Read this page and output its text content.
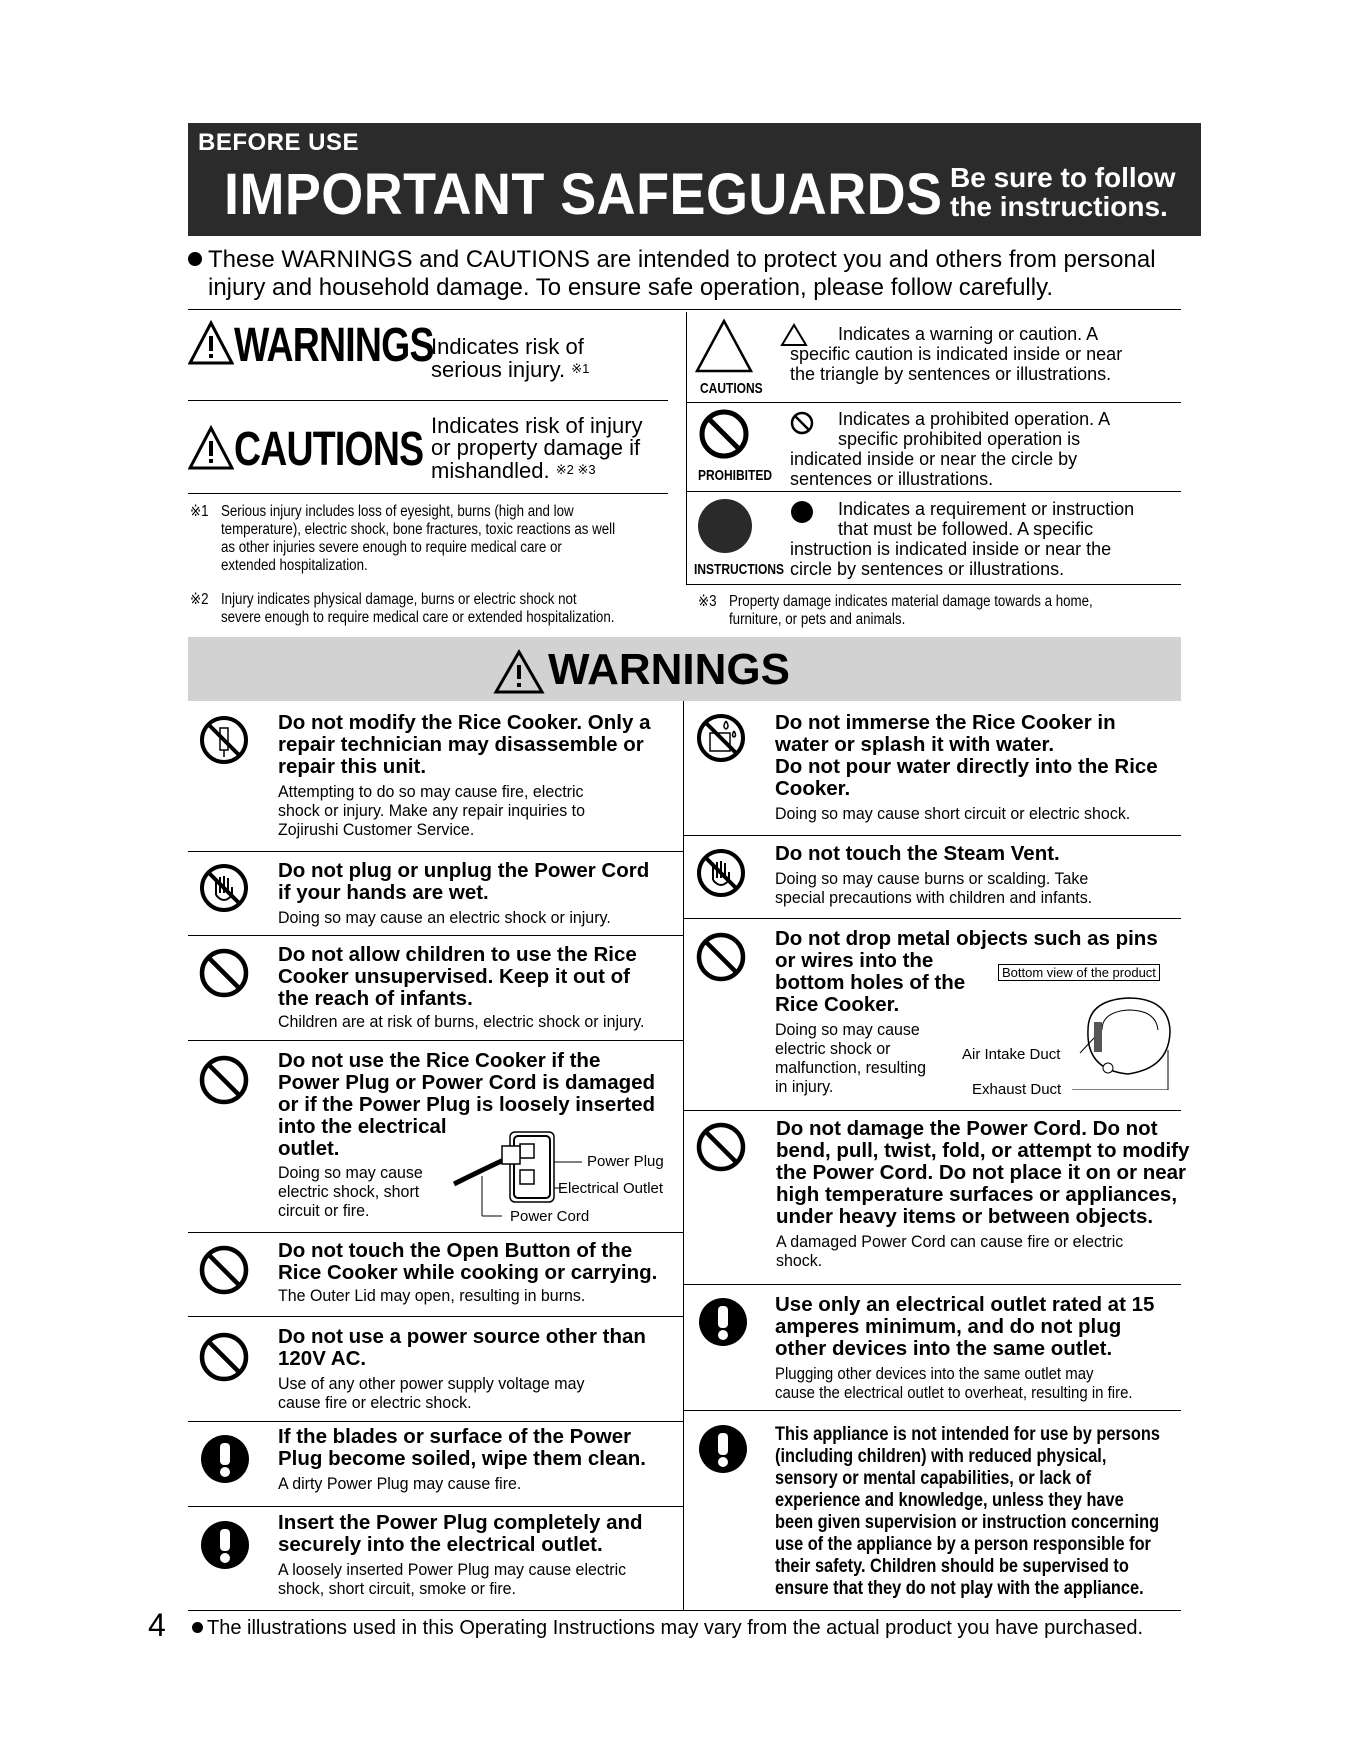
BEFORE USE
IMPORTANT SAFEGUARDS Be sure to follow
the instructions.
These WARNINGS and CAUTIONS are intended to protect you and others from personal
injury and household damage. To ensure safe operation, please follow carefully.
WARNINGS
Indicates risk of
serious injury. ※1
CAUTIONS Indicates risk of injury
or property damage if
mishandled. ※2 ※3
※1 Serious injury includes loss of eyesight, burns (high and low
temperature), electric shock, bone fractures, toxic reactions as well
as other injuries severe enough to require medical care or
extended hospitalization.
※2 Injury indicates physical damage, burns or electric shock not
severe enough to require medical care or extended hospitalization.
CAUTIONS
Indicates a warning or caution. A
specific caution is indicated inside or near
the triangle by sentences or illustrations.
PROHIBITED
Indicates a prohibited operation. A
specific prohibited operation is
indicated inside or near the circle by
sentences or illustrations.
INSTRUCTIONS
Indicates a requirement or instruction
that must be followed. A specific
instruction is indicated inside or near the
circle by sentences or illustrations.
※3 Property damage indicates material damage towards a home,
furniture, or pets and animals.
WARNINGS
Do not modify the Rice Cooker. Only a
repair technician may disassemble or
repair this unit.
Attempting to do so may cause fire, electric
shock or injury. Make any repair inquiries to
Zojirushi Customer Service.
Do not plug or unplug the Power Cord
if your hands are wet.
Doing so may cause an electric shock or injury.
Do not allow children to use the Rice
Cooker unsupervised. Keep it out of
the reach of infants.
Children are at risk of burns, electric shock or injury.
Do not use the Rice Cooker if the
Power Plug or Power Cord is damaged
or if the Power Plug is loosely inserted
into the electrical
outlet.
Doing so may cause
electric shock, short
circuit or fire.
Power Plug
Electrical Outlet
Power Cord
Do not touch the Open Button of the
Rice Cooker while cooking or carrying.
The Outer Lid may open, resulting in burns.
Do not use a power source other than
120V AC.
Use of any other power supply voltage may
cause fire or electric shock.
If the blades or surface of the Power
Plug become soiled, wipe them clean.
A dirty Power Plug may cause fire.
Insert the Power Plug completely and
securely into the electrical outlet.
A loosely inserted Power Plug may cause electric
shock, short circuit, smoke or fire.
Do not immerse the Rice Cooker in
water or splash it with water.
Do not pour water directly into the Rice
Cooker.
Doing so may cause short circuit or electric shock.
Do not touch the Steam Vent.
Doing so may cause burns or scalding. Take
special precautions with children and infants.
Do not drop metal objects such as pins
or wires into the
bottom holes of the
Rice Cooker.
Doing so may cause
electric shock or
malfunction, resulting
in injury.
Bottom view of the product
Air Intake Duct
Exhaust Duct
Do not damage the Power Cord. Do not
bend, pull, twist, fold, or attempt to modify
the Power Cord. Do not place it on or near
high temperature surfaces or appliances,
under heavy items or between objects.
A damaged Power Cord can cause fire or electric
shock.
Use only an electrical outlet rated at 15
amperes minimum, and do not plug
other devices into the same outlet.
Plugging other devices into the same outlet may
cause the electrical outlet to overheat, resulting in fire.
This appliance is not intended for use by persons
(including children) with reduced physical,
sensory or mental capabilities, or lack of
experience and knowledge, unless they have
been given supervision or instruction concerning
use of the appliance by a person responsible for
their safety. Children should be supervised to
ensure that they do not play with the appliance.
4	The illustrations used in this Operating Instructions may vary from the actual product you have purchased.
